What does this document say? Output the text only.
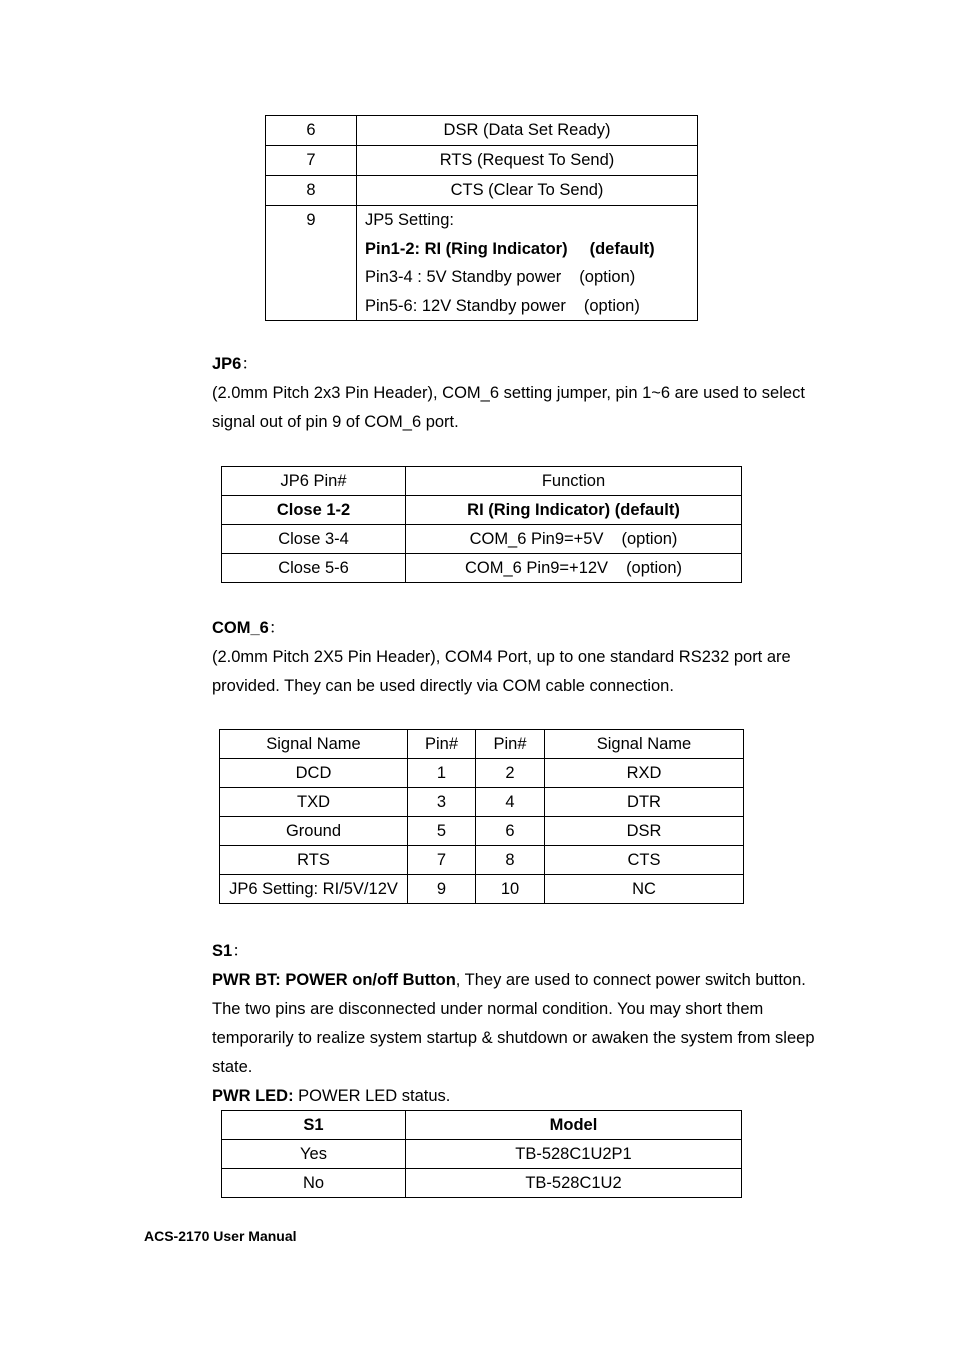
6	DSR (Data Set Ready)
7	RTS (Request To Send)
8	CTS (Clear To Send)
9	JP5 Setting:
Pin1-2: RI (Ring Indicator) (default)
Pin3-4 : 5V Standby power (option)
Pin5-6: 12V Standby power (option)
JP6：
(2.0mm Pitch 2x3 Pin Header), COM_6 setting jumper, pin 1~6 are used to select signal out of pin 9 of COM_6 port.
JP6 Pin#	Function
Close 1-2	RI (Ring Indicator) (default)
Close 3-4	COM_6 Pin9=+5V (option)
Close 5-6	COM_6 Pin9=+12V (option)
COM_6：
(2.0mm Pitch 2X5 Pin Header), COM4 Port, up to one standard RS232 port are provided. They can be used directly via COM cable connection.
Signal Name	Pin#	Pin#	Signal Name
DCD	1	2	RXD
TXD	3	4	DTR
Ground	5	6	DSR
RTS	7	8	CTS
JP6 Setting: RI/5V/12V	9	10	NC
S1：
PWR BT: POWER on/off Button, They are used to connect power switch button. The two pins are disconnected under normal condition. You may short them temporarily to realize system startup & shutdown or awaken the system from sleep state.
PWR LED: POWER LED status.
S1	Model
Yes	TB-528C1U2P1
No	TB-528C1U2
ACS-2170 User Manual
